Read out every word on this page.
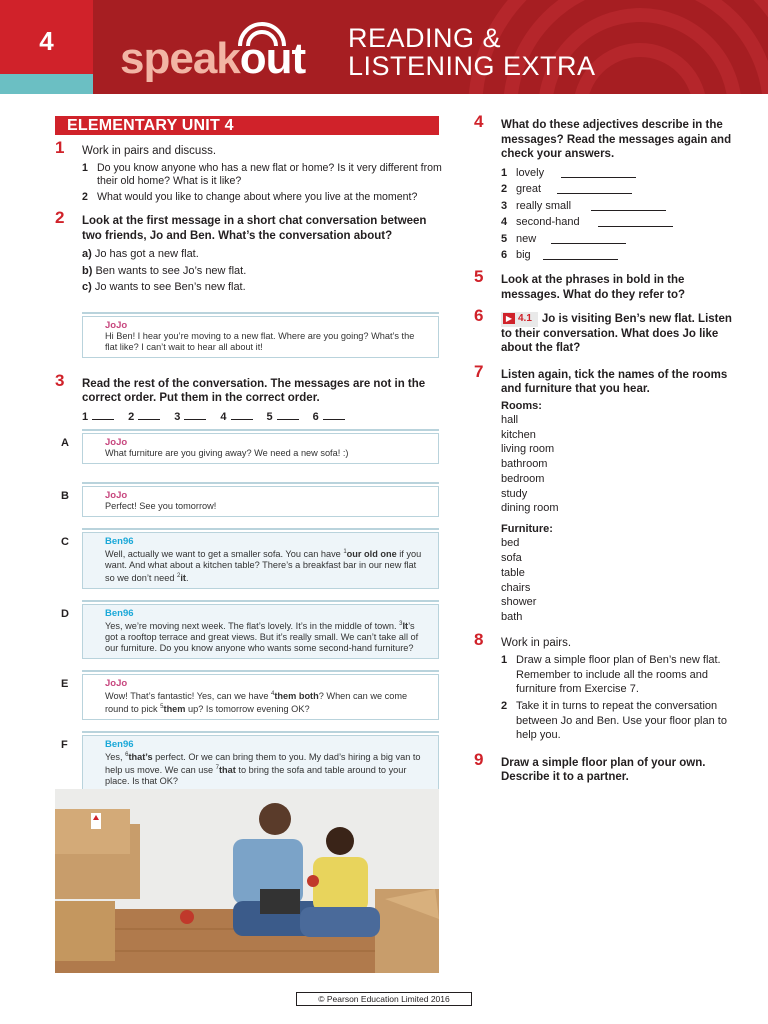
4	speakout READING &
LISTENING EXTRA
ELEMENTARY UNIT 4
1 Work in pairs and discuss.
1 Do you know anyone who has a new flat or home? Is it very different from their old home? What is it like?
2 What would you like to change about where you live at the moment?
2 Look at the first message in a short chat conversation between two friends, Jo and Ben. What’s the conversation about?
a) Jo has got a new flat.
b) Ben wants to see Jo’s new flat.
c) Jo wants to see Ben’s new flat.
JoJo
Hi Ben! I hear you’re moving to a new flat. Where are you going? What’s the flat like? I can’t wait to hear all about it!
3 Read the rest of the conversation. The messages are not in the correct order. Put them in the correct order.
1	2	3	4	5	6
A	JoJo
What furniture are you giving away? We need a new sofa! :)
B	JoJo
Perfect! See you tomorrow!
C	Ben96
Well, actually we want to get a smaller sofa. You can have $^1$our old one if you want. And what about a kitchen table? There’s a breakfast bar in our new flat so we don’t need $^2$it.
D	Ben96
Yes, we’re moving next week. The flat’s lovely. It’s in the middle of town. $^3$It’s got a rooftop terrace and great views. But it’s really small. We can’t take all of our furniture. Do you know anyone who wants some second-hand furniture?
E	JoJo
Wow! That’s fantastic! Yes, can we have $^4$them both? When can we come round to pick $^5$them up? Is tomorrow evening OK?
F	Ben96
Yes, $^6$that’s perfect. Or we can bring them to you. My dad’s hiring a big van to help us move. We can use $^7$that to bring the sofa and table around to your place. Is that OK?
4 What do these adjectives describe in the messages? Read the messages again and check your answers.
1 lovely
2 great
3 really small
4 second-hand
5 new
6 big
5 Look at the phrases in bold in the messages. What do they refer to?
6	▶ 4.1 Jo is visiting Ben’s new flat. Listen to their conversation. What does Jo like about the flat?
7 Listen again, tick the names of the rooms and furniture that you hear.
Rooms:
hall
kitchen
living room
bathroom
bedroom
study
dining room
Furniture:
bed
sofa
table
chairs
shower
bath
8 Work in pairs.
1 Draw a simple floor plan of Ben’s new flat. Remember to include all the rooms and furniture from Exercise 7.
2 Take it in turns to repeat the conversation between Jo and Ben. Use your floor plan to help you.
9 Draw a simple floor plan of your own. Describe it to a partner.
© Pearson Education Limited 2016
